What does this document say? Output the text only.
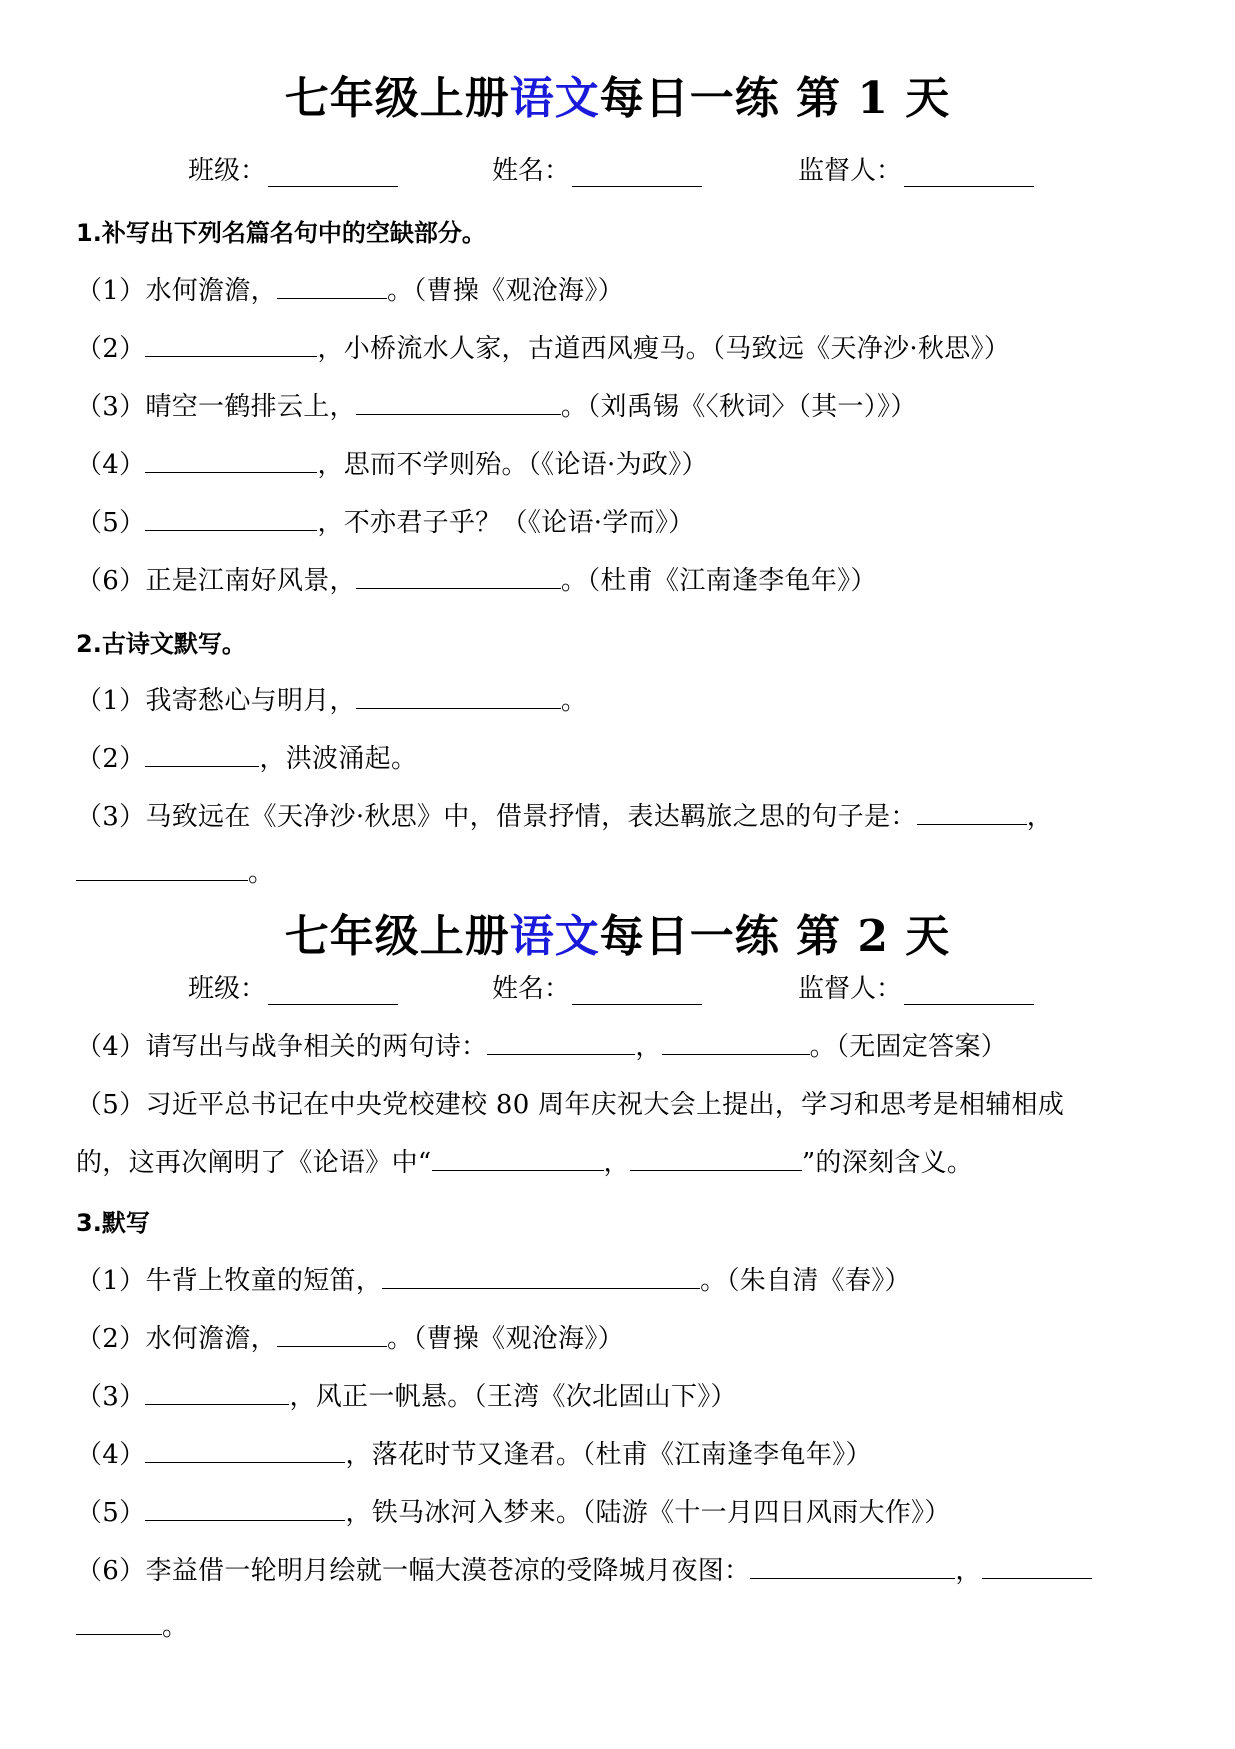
七年级上册语文每日一练 第 1 天
班级：	姓名：	监督人：
1.补写出下列名篇名句中的空缺部分。
（1）水何澹澹，	。（曹操《观沧海》）
（2）	，小桥流水人家，古道西风瘦马。（马致远《天净沙·秋思》）
（3）晴空一鹤排云上，	。（刘禹锡《〈秋词〉（其一）》）
（4）	，思而不学则殆。（《论语·为政》）
（5）	，不亦君子乎？（《论语·学而》）
（6）正是江南好风景，	。（杜甫《江南逢李龟年》）
2.古诗文默写。
（1）我寄愁心与明月，	。
（2）	，洪波涌起。
（3）马致远在《天净沙·秋思》中，借景抒情，表达羁旅之思的句子是：	，
。
七年级上册语文每日一练 第 2 天
班级：	姓名：	监督人：
（4）请写出与战争相关的两句诗：	，	。（无固定答案）
（5）习近平总书记在中央党校建校 80 周年庆祝大会上提出，学习和思考是相辅相成
的，这再次阐明了《论语》中“	，	”的深刻含义。
3.默写
（1）牛背上牧童的短笛，	。（朱自清《春》）
（2）水何澹澹，	。（曹操《观沧海》）
（3）	，风正一帆悬。（王湾《次北固山下》）
（4）	，落花时节又逢君。（杜甫《江南逢李龟年》）
（5）	，铁马冰河入梦来。（陆游《十一月四日风雨大作》）
（6）李益借一轮明月绘就一幅大漠苍凉的受降城月夜图：	，
。
